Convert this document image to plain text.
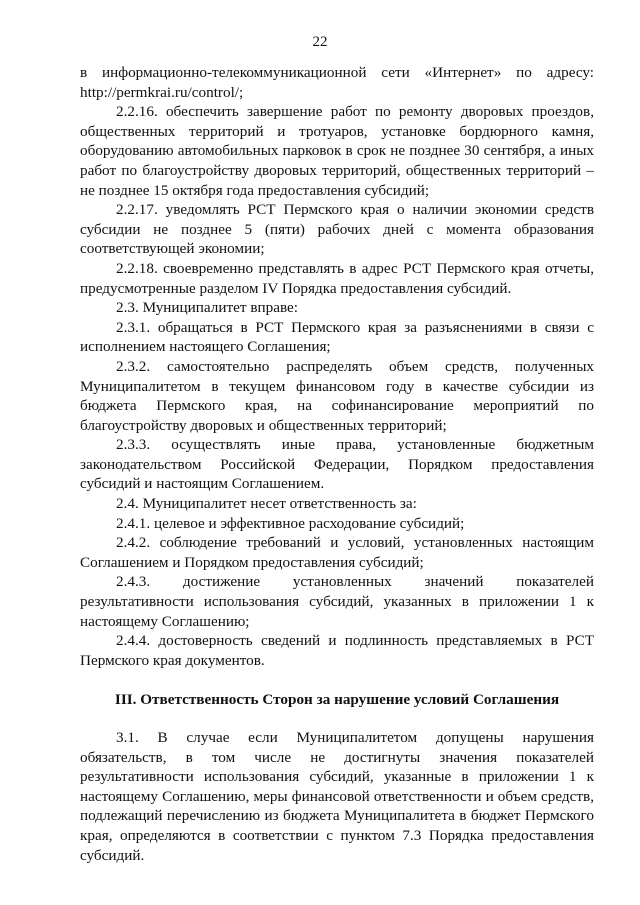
22

в информационно-телекоммуникационной сети «Интернет» по адресу: http://permkrai.ru/control/;

2.2.16. обеспечить завершение работ по ремонту дворовых проездов, общественных территорий и тротуаров, установке бордюрного камня, оборудованию автомобильных парковок в срок не позднее 30 сентября, а иных работ по благоустройству дворовых территорий, общественных территорий – не позднее 15 октября года предоставления субсидий;

2.2.17. уведомлять РСТ Пермского края о наличии экономии средств субсидии не позднее 5 (пяти) рабочих дней с момента образования соответствующей экономии;

2.2.18. своевременно представлять в адрес РСТ Пермского края отчеты, предусмотренные разделом IV Порядка предоставления субсидий.

2.3. Муниципалитет вправе:

2.3.1. обращаться в РСТ Пермского края за разъяснениями в связи с исполнением настоящего Соглашения;

2.3.2. самостоятельно распределять объем средств, полученных Муниципалитетом в текущем финансовом году в качестве субсидии из бюджета Пермского края, на софинансирование мероприятий по благоустройству дворовых и общественных территорий;

2.3.3. осуществлять иные права, установленные бюджетным законодательством Российской Федерации, Порядком предоставления субсидий и настоящим Соглашением.

2.4. Муниципалитет несет ответственность за:

2.4.1. целевое и эффективное расходование субсидий;

2.4.2. соблюдение требований и условий, установленных настоящим Соглашением и Порядком предоставления субсидий;

2.4.3. достижение установленных значений показателей результативности использования субсидий, указанных в приложении 1 к настоящему Соглашению;

2.4.4. достоверность сведений и подлинность представляемых в РСТ Пермского края документов.

III. Ответственность Сторон за нарушение условий Соглашения

3.1. В случае если Муниципалитетом допущены нарушения обязательств, в том числе не достигнуты значения показателей результативности использования субсидий, указанные в приложении 1 к настоящему Соглашению, меры финансовой ответственности и объем средств, подлежащий перечислению из бюджета Муниципалитета в бюджет Пермского края, определяются в соответствии с пунктом 7.3 Порядка предоставления субсидий.
